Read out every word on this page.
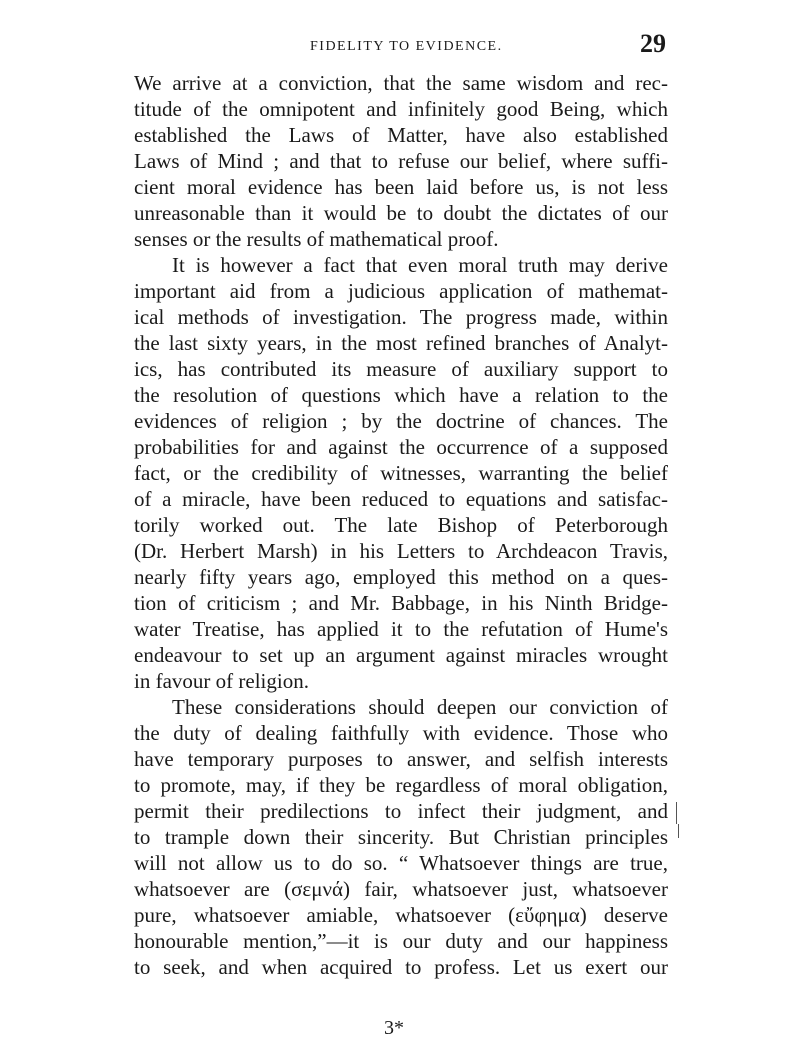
FIDELITY TO EVIDENCE.	29
We arrive at a conviction, that the same wisdom and rec-
titude of the omnipotent and infinitely good Being, which
established the Laws of Matter, have also established
Laws of Mind ; and that to refuse our belief, where suffi-
cient moral evidence has been laid before us, is not less
unreasonable than it would be to doubt the dictates of our
senses or the results of mathematical proof.
It is however a fact that even moral truth may derive
important aid from a judicious application of mathemat-
ical methods of investigation. The progress made, within
the last sixty years, in the most refined branches of Analyt-
ics, has contributed its measure of auxiliary support to
the resolution of questions which have a relation to the
evidences of religion ; by the doctrine of chances. The
probabilities for and against the occurrence of a supposed
fact, or the credibility of witnesses, warranting the belief
of a miracle, have been reduced to equations and satisfac-
torily worked out. The late Bishop of Peterborough
(Dr. Herbert Marsh) in his Letters to Archdeacon Travis,
nearly fifty years ago, employed this method on a ques-
tion of criticism ; and Mr. Babbage, in his Ninth Bridge-
water Treatise, has applied it to the refutation of Hume's
endeavour to set up an argument against miracles wrought
in favour of religion.
These considerations should deepen our conviction of
the duty of dealing faithfully with evidence. Those who
have temporary purposes to answer, and selfish interests
to promote, may, if they be regardless of moral obligation,
permit their predilections to infect their judgment, and
to trample down their sincerity. But Christian principles
will not allow us to do so. “ Whatsoever things are true,
whatsoever are (σεμνά) fair, whatsoever just, whatsoever
pure, whatsoever amiable, whatsoever (εὔφημα) deserve
honourable mention,”—it is our duty and our happiness
to seek, and when acquired to profess. Let us exert our
3*
